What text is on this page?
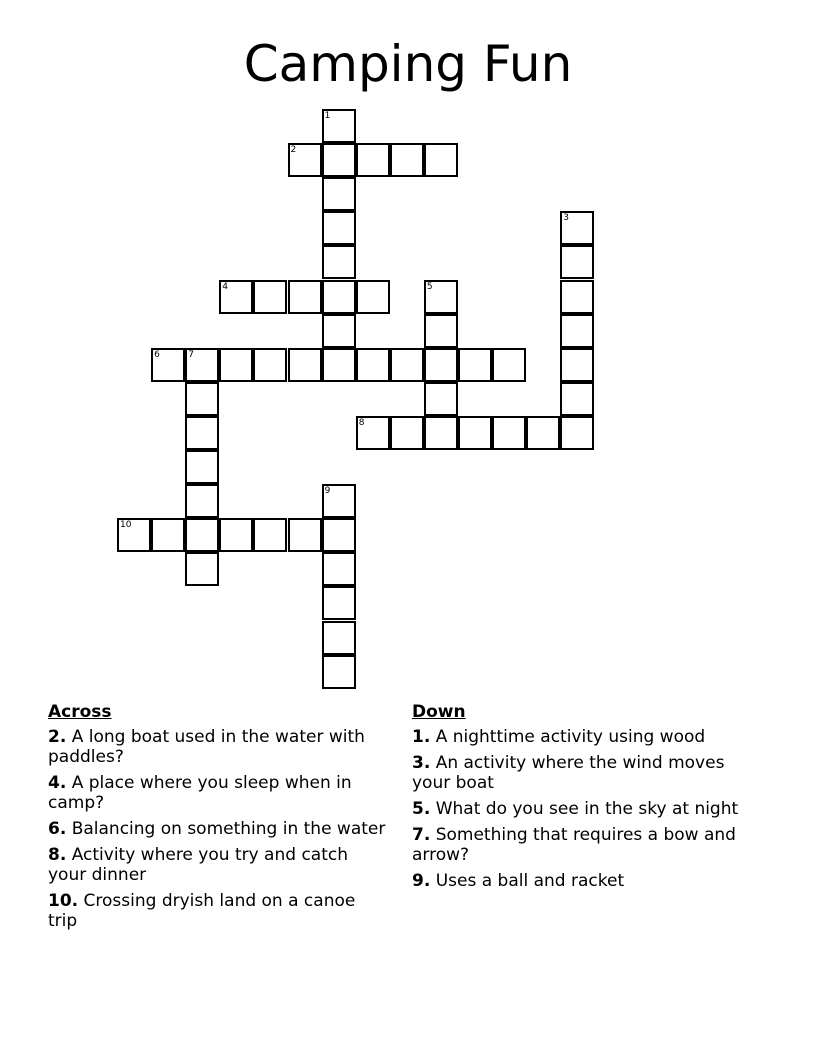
Camping Fun
1
2
3
4	5
6	7
8
9
10
Across
2. A long boat used in the water with paddles?
4. A place where you sleep when in camp?
6. Balancing on something in the water
8. Activity where you try and catch your dinner
10. Crossing dryish land on a canoe trip
Down
1. A nighttime activity using wood
3. An activity where the wind moves your boat
5. What do you see in the sky at night
7. Something that requires a bow and arrow?
9. Uses a ball and racket
